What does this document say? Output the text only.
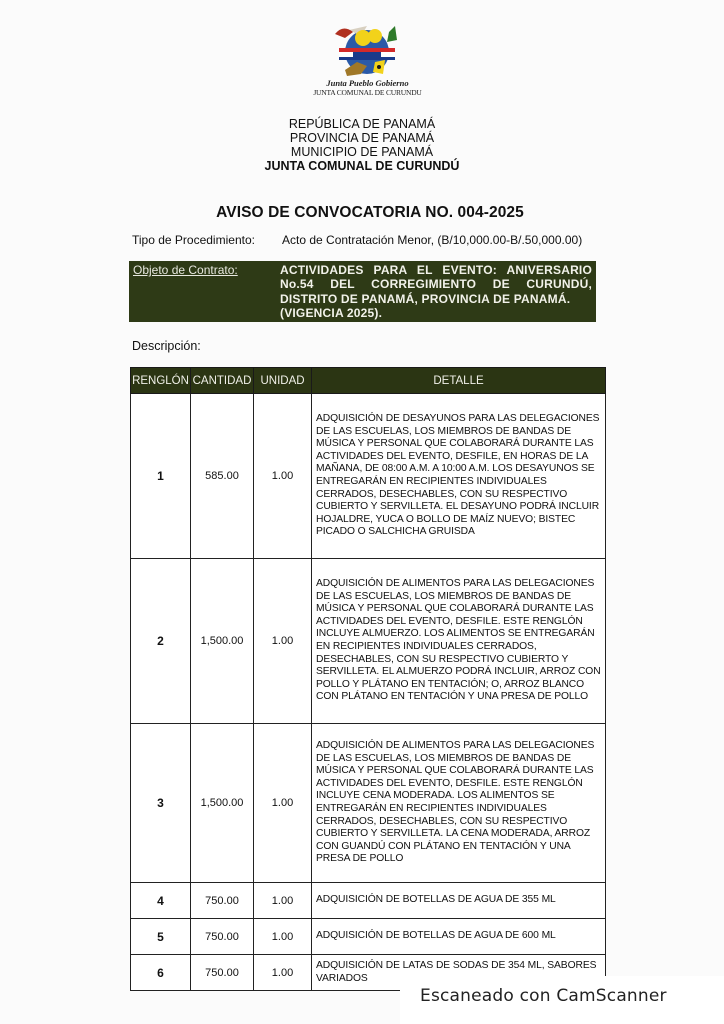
Junta Pueblo Gobierno
JUNTA COMUNAL DE CURUNDU
REPÚBLICA DE PANAMÁ
PROVINCIA DE PANAMÁ
MUNICIPIO DE PANAMÁ
JUNTA COMUNAL DE CURUNDÚ
AVISO DE CONVOCATORIA NO. 004-2025
Tipo de Procedimiento: Acto de Contratación Menor, (B/10,000.00-B/.50,000.00)
Objeto de Contrato:	ACTIVIDADES PARA EL EVENTO: ANIVERSARIO No.54 DEL CORREGIMIENTO DE CURUNDÚ, DISTRITO DE PANAMÁ, PROVINCIA DE PANAMÁ.
(VIGENCIA 2025).
Descripción:
RENGLÓN	CANTIDAD	UNIDAD	DETALLE
1	585.00	1.00	ADQUISICIÓN DE DESAYUNOS PARA LAS DELEGACIONES DE LAS ESCUELAS, LOS MIEMBROS DE BANDAS DE MÚSICA Y PERSONAL QUE COLABORARÁ DURANTE LAS ACTIVIDADES DEL EVENTO, DESFILE, EN HORAS DE LA MAÑANA, DE 08:00 A.M. A 10:00 A.M. LOS DESAYUNOS SE ENTREGARÁN EN RECIPIENTES INDIVIDUALES CERRADOS, DESECHABLES, CON SU RESPECTIVO CUBIERTO Y SERVILLETA. EL DESAYUNO PODRÁ INCLUIR HOJALDRE, YUCA O BOLLO DE MAÍZ NUEVO; BISTEC PICADO O SALCHICHA GRUISDA
2	1,500.00	1.00	ADQUISICIÓN DE ALIMENTOS PARA LAS DELEGACIONES DE LAS ESCUELAS, LOS MIEMBROS DE BANDAS DE MÚSICA Y PERSONAL QUE COLABORARÁ DURANTE LAS ACTIVIDADES DEL EVENTO, DESFILE. ESTE RENGLÓN INCLUYE ALMUERZO. LOS ALIMENTOS SE ENTREGARÁN EN RECIPIENTES INDIVIDUALES CERRADOS, DESECHABLES, CON SU RESPECTIVO CUBIERTO Y SERVILLETA. EL ALMUERZO PODRÁ INCLUIR, ARROZ CON POLLO Y PLÁTANO EN TENTACIÓN; O, ARROZ BLANCO CON PLÁTANO EN TENTACIÓN Y UNA PRESA DE POLLO
3	1,500.00	1.00	ADQUISICIÓN DE ALIMENTOS PARA LAS DELEGACIONES DE LAS ESCUELAS, LOS MIEMBROS DE BANDAS DE MÚSICA Y PERSONAL QUE COLABORARÁ DURANTE LAS ACTIVIDADES DEL EVENTO, DESFILE. ESTE RENGLÓN INCLUYE CENA MODERADA. LOS ALIMENTOS SE ENTREGARÁN EN RECIPIENTES INDIVIDUALES CERRADOS, DESECHABLES, CON SU RESPECTIVO CUBIERTO Y SERVILLETA. LA CENA MODERADA, ARROZ CON GUANDÚ CON PLÁTANO EN TENTACIÓN Y UNA PRESA DE POLLO
4	750.00	1.00	ADQUISICIÓN DE BOTELLAS DE AGUA DE 355 ML
5	750.00	1.00	ADQUISICIÓN DE BOTELLAS DE AGUA DE 600 ML
6	750.00	1.00	ADQUISICIÓN DE LATAS DE SODAS DE 354 ML, SABORES VARIADOS
Escaneado con CamScanner
